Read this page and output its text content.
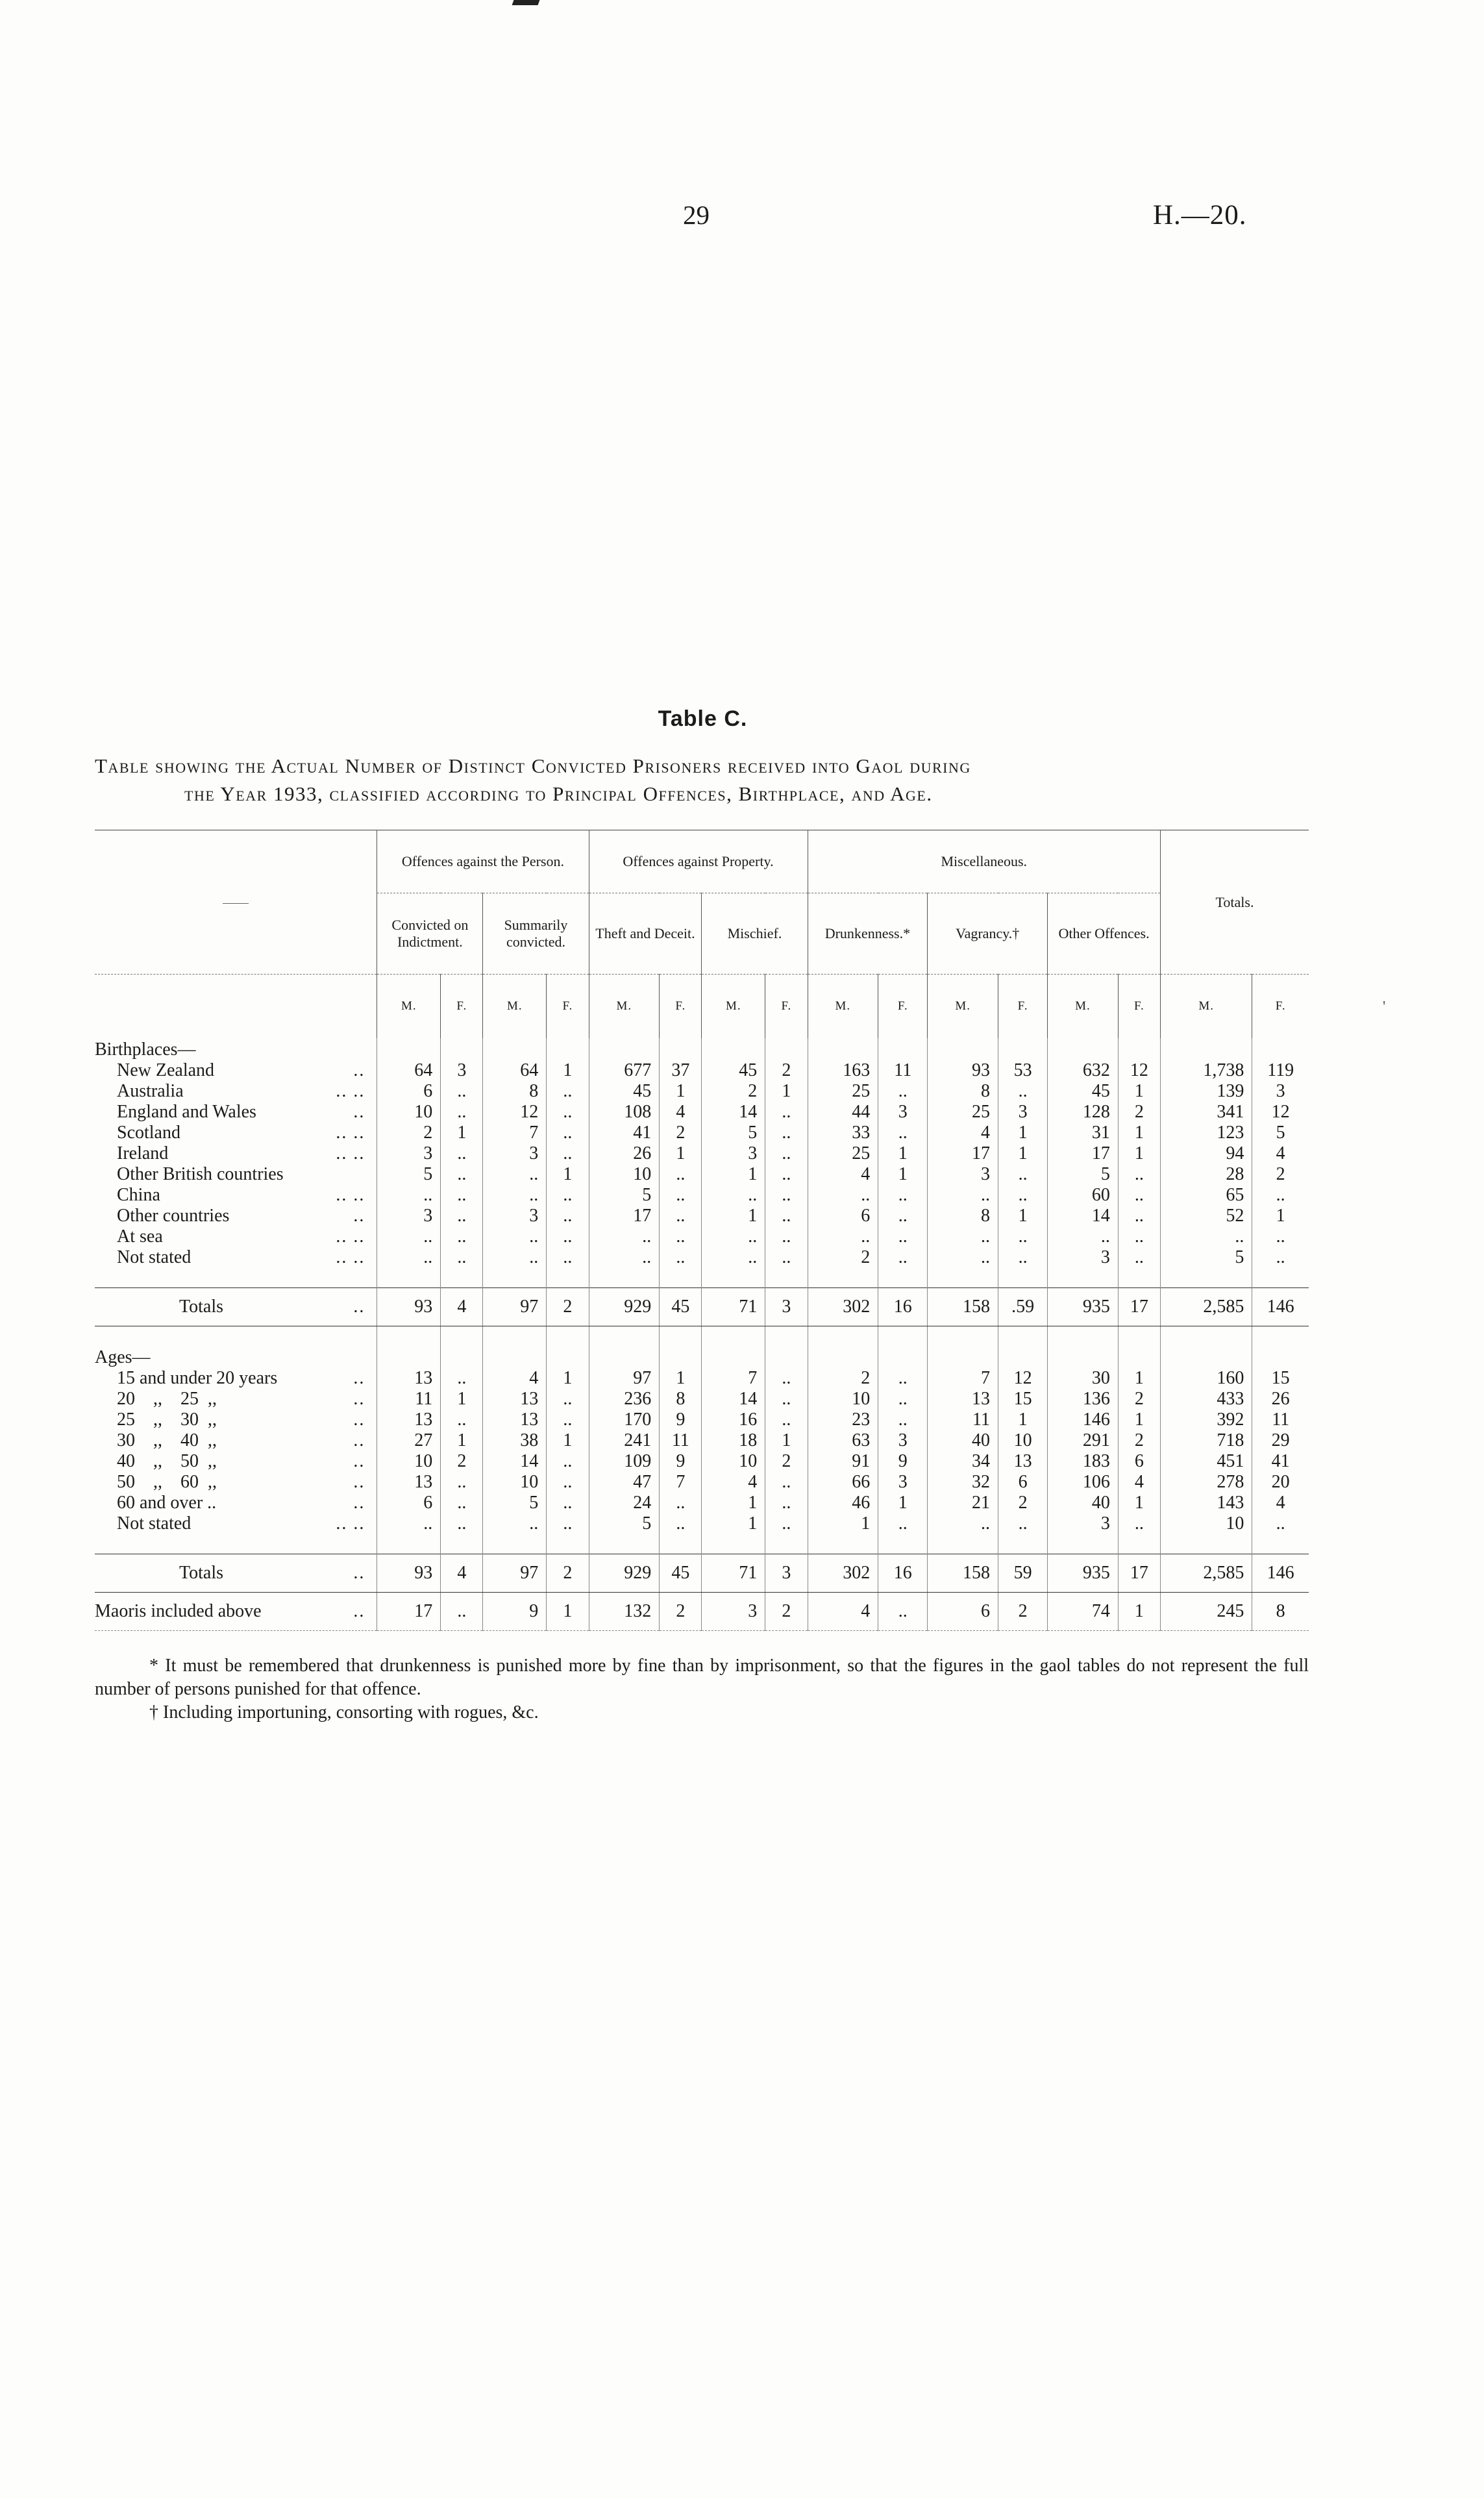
29	H.—20.
'
Table C.
Table showing the Actual Number of Distinct Convicted Prisoners received into Gaol during
the Year 1933, classified according to Principal Offences, Birthplace, and Age.
	Offences against the Person.				Offences against Property.				Miscellaneous.						Totals.	
	Convicted on Indictment.		Summarily convicted.		Theft and Deceit.		Mischief.		Drunkenness.*		Vagrancy.†		Other Offences.			
	M.	F.	M.	F.	M.	F.	M.	F.	M.	F.	M.	F.	M.	F.	M.	F.
Birthplaces—																
New Zealand ..	64	3	64	1	677	37	45	2	163	11	93	53	632	12	1,738	119
Australia .. ..	6	..	8	..	45	1	2	1	25	..	8	..	45	1	139	3
England and Wales ..	10	..	12	..	108	4	14	..	44	3	25	3	128	2	341	12
Scotland .. ..	2	1	7	..	41	2	5	..	33	..	4	1	31	1	123	5
Ireland .. ..	3	..	3	..	26	1	3	..	25	1	17	1	17	1	94	4
Other British countries	5	..	..	1	10	..	1	..	4	1	3	..	5	..	28	2
China .. ..	..	..	..	..	5	..	..	..	..	..	..	..	60	..	65	..
Other countries ..	3	..	3	..	17	..	1	..	6	..	8	1	14	..	52	1
At sea .. ..	..	..	..	..	..	..	..	..	..	..	..	..	..	..	..	..
Not stated .. ..	..	..	..	..	..	..	..	..	2	..	..	..	3	..	5	..

Totals ..	93	4	97	2	929	45	71	3	302	16	158	.59	935	17	2,585	146

Ages—																
15 and under 20 years ..	13	..	4	1	97	1	7	..	2	..	7	12	30	1	160	15
20    ,,    25  ,, ..	11	1	13	..	236	8	14	..	10	..	13	15	136	2	433	26
25    ,,    30  ,, ..	13	..	13	..	170	9	16	..	23	..	11	1	146	1	392	11
30    ,,    40  ,, ..	27	1	38	1	241	11	18	1	63	3	40	10	291	2	718	29
40    ,,    50  ,, ..	10	2	14	..	109	9	10	2	91	9	34	13	183	6	451	41
50    ,,    60  ,, ..	13	..	10	..	47	7	4	..	66	3	32	6	106	4	278	20
60 and over .. ..	6	..	5	..	24	..	1	..	46	1	21	2	40	1	143	4
Not stated .. ..	..	..	..	..	5	..	1	..	1	..	..	..	3	..	10	..

Totals ..	93	4	97	2	929	45	71	3	302	16	158	59	935	17	2,585	146
Maoris included above ..	17	..	9	1	132	2	3	2	4	..	6	2	74	1	245	8

* It must be remembered that drunkenness is punished more by fine than by imprisonment, so that the figures in the gaol tables do not represent the full number of persons punished for that offence.

† Including importuning, consorting with rogues, &c.
